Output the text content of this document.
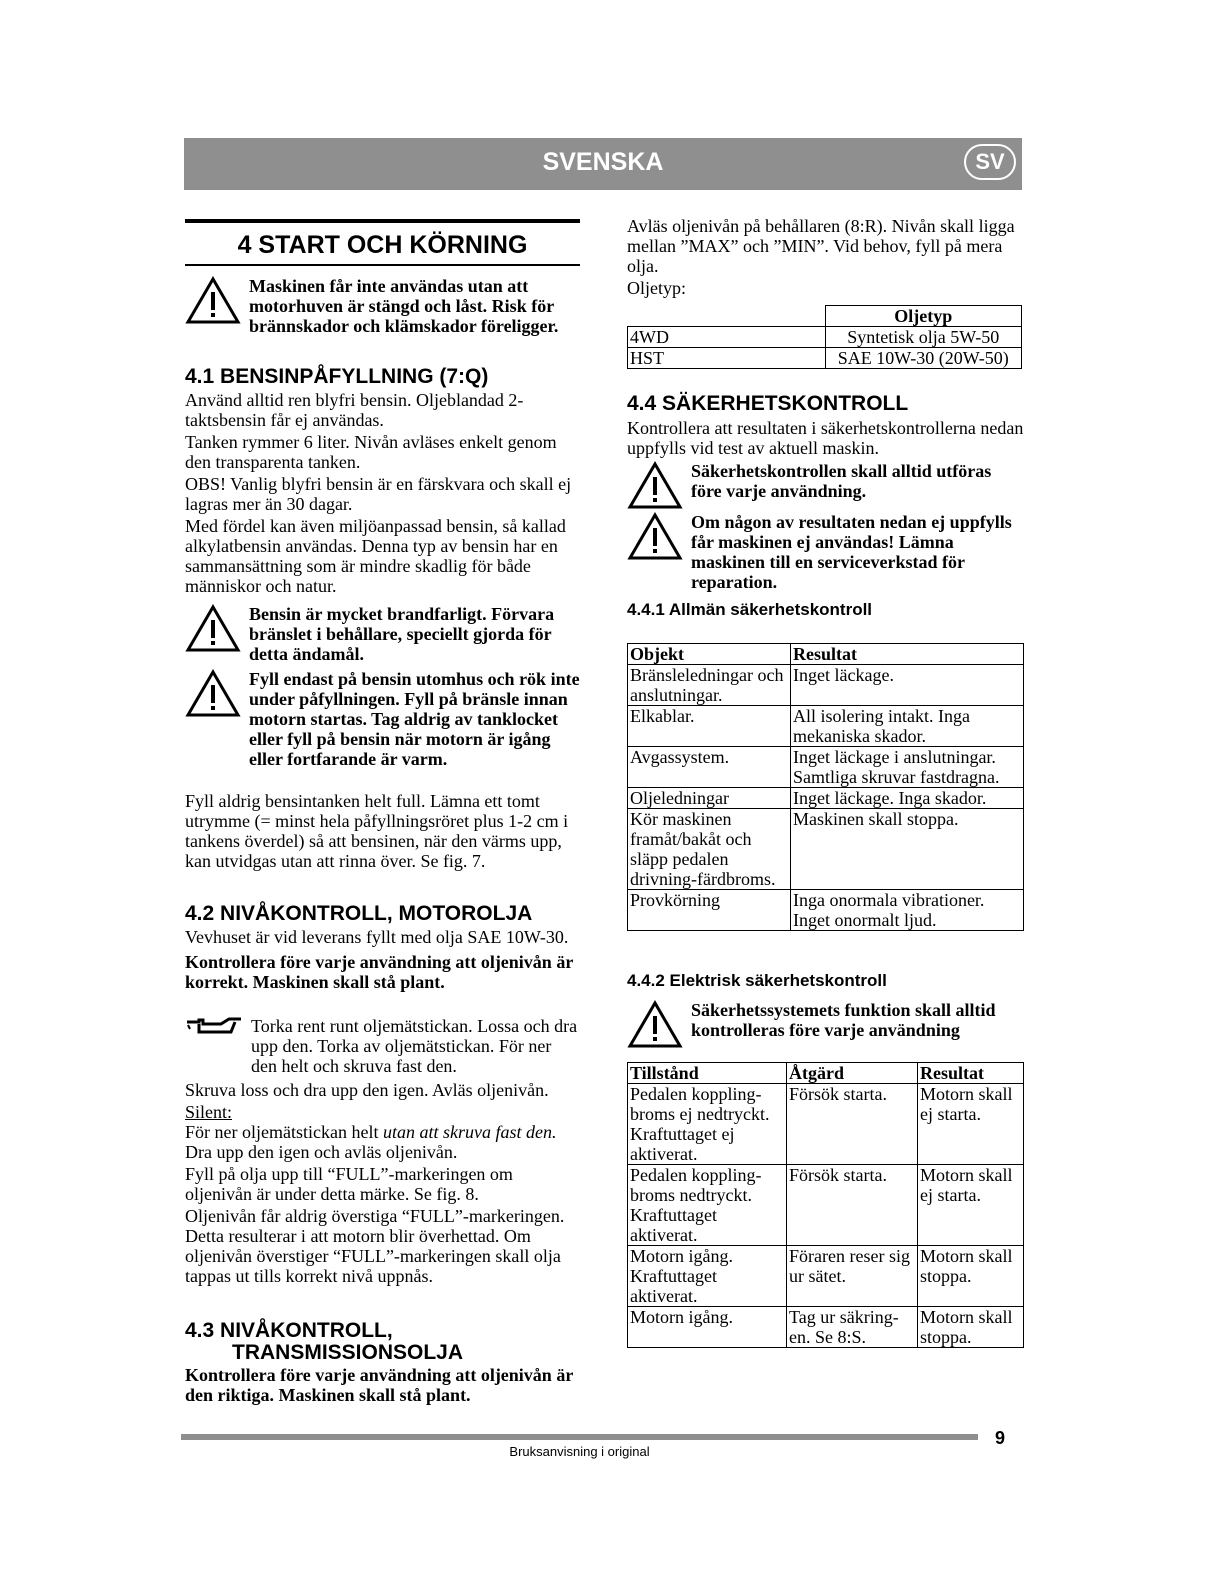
SVENSKA	SV
4 START OCH KÖRNING
Maskinen får inte användas utan att motorhuven är stängd och låst. Risk för brännskador och klämskador föreligger.
4.1 BENSINPÅFYLLNING (7:Q)

Använd alltid ren blyfri bensin. Oljeblandad 2-taktsbensin får ej användas.

Tanken rymmer 6 liter. Nivån avläses enkelt genom den transparenta tanken.

OBS! Vanlig blyfri bensin är en färskvara och skall ej lagras mer än 30 dagar.

Med fördel kan även miljöanpassad bensin, så kallad alkylatbensin användas. Denna typ av bensin har en sammansättning som är mindre skadlig för både människor och natur.

Bensin är mycket brandfarligt. Förvara bränslet i behållare, speciellt gjorda för detta ändamål.
Fyll endast på bensin utomhus och rök inte under påfyllningen. Fyll på bränsle innan motorn startas. Tag aldrig av tanklocket eller fyll på bensin när motorn är igång eller fortfarande är varm.

Fyll aldrig bensintanken helt full. Lämna ett tomt utrymme (= minst hela påfyllningsröret plus 1-2 cm i tankens överdel) så att bensinen, när den värms upp, kan utvidgas utan att rinna över. Se fig. 7.

4.2 NIVÅKONTROLL, MOTOROLJA

Vevhuset är vid leverans fyllt med olja SAE 10W-30.

Kontrollera före varje användning att oljenivån är korrekt. Maskinen skall stå plant.

Torka rent runt oljemätstickan. Lossa och dra upp den. Torka av oljemätstickan. För ner den helt och skruva fast den.

Skruva loss och dra upp den igen. Avläs oljenivån.

Silent:

För ner oljemätstickan helt utan att skruva fast den. Dra upp den igen och avläs oljenivån.

Fyll på olja upp till “FULL”-markeringen om oljenivån är under detta märke. Se fig. 8.

Oljenivån får aldrig överstiga “FULL”-markeringen. Detta resulterar i att motorn blir överhettad. Om oljenivån överstiger “FULL”-markeringen skall olja tappas ut tills korrekt nivå uppnås.

4.3 NIVÅKONTROLL,
TRANSMISSIONSOLJA

Kontrollera före varje användning att oljenivån är den riktiga. Maskinen skall stå plant.

Avläs oljenivån på behållaren (8:R). Nivån skall ligga mellan ”MAX” och ”MIN”. Vid behov, fyll på mera olja.

Oljetyp:

	Oljetyp
4WD	Syntetisk olja 5W-50
HST	SAE 10W-30 (20W-50)
4.4 SÄKERHETSKONTROLL

Kontrollera att resultaten i säkerhetskontrollerna nedan uppfylls vid test av aktuell maskin.

Säkerhetskontrollen skall alltid utföras före varje användning.
Om någon av resultaten nedan ej uppfylls får maskinen ej användas! Lämna maskinen till en serviceverkstad för reparation.
4.4.1 Allmän säkerhetskontroll
Objekt	Resultat
Bränsleledningar och anslutningar.	Inget läckage.
Elkablar.	All isolering intakt. Inga mekaniska skador.
Avgassystem.	Inget läckage i anslutningar. Samtliga skruvar fastdragna.
Oljeledningar	Inget läckage. Inga skador.
Kör maskinen framåt/bakåt och släpp pedalen drivning-färdbroms.	Maskinen skall stoppa.
Provkörning	Inga onormala vibrationer. Inget onormalt ljud.
4.4.2 Elektrisk säkerhetskontroll
Säkerhetssystemets funktion skall alltid kontrolleras före varje användning
Tillstånd	Åtgärd	Resultat
Pedalen koppling-broms ej nedtryckt. Kraftuttaget ej aktiverat.	Försök starta.	Motorn skall ej starta.
Pedalen koppling-broms nedtryckt. Kraftuttaget aktiverat.	Försök starta.	Motorn skall ej starta.
Motorn igång. Kraftuttaget aktiverat.	Föraren reser sig ur sätet.	Motorn skall stoppa.
Motorn igång.	Tag ur säkring-en. Se 8:S.	Motorn skall stoppa.
Bruksanvisning i original
9
